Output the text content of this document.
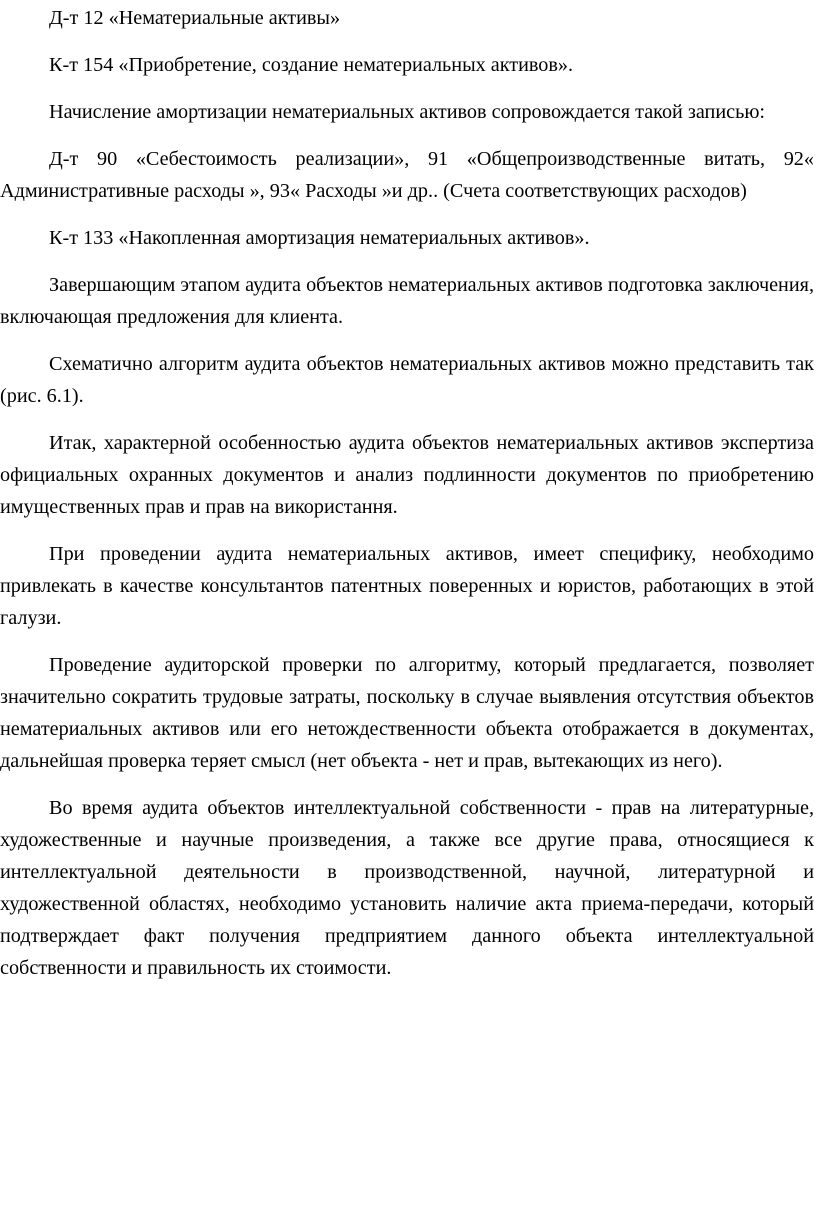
Д-т 12 «Нематериальные активы»

К-т 154 «Приобретение, создание нематериальных активов».

Начисление амортизации нематериальных активов сопровождается такой записью:

Д-т 90 «Себестоимость реализации», 91 «Общепроизводственные витать, 92« Административные расходы », 93« Расходы »и др.. (Счета соответствующих расходов)

К-т 133 «Накопленная амортизация нематериальных активов».

Завершающим этапом аудита объектов нематериальных активов подготовка заключения, включающая предложения для клиента.

Схематично алгоритм аудита объектов нематериальных активов можно представить так (рис. 6.1).

Итак, характерной особенностью аудита объектов нематериальных активов экспертиза официальных охранных документов и анализ подлинности документов по приобретению имущественных прав и прав на використання.

При проведении аудита нематериальных активов, имеет специфику, необходимо привлекать в качестве консультантов патентных поверенных и юристов, работающих в этой галузи.

Проведение аудиторской проверки по алгоритму, который предлагается, позволяет значительно сократить трудовые затраты, поскольку в случае выявления отсутствия объектов нематериальных активов или его нетождественности объекта отображается в документах, дальнейшая проверка теряет смысл (нет объекта - нет и прав, вытекающих из него).

Во время аудита объектов интеллектуальной собственности - прав на литературные, художественные и научные произведения, а также все другие права, относящиеся к интеллектуальной деятельности в производственной, научной, литературной и художественной областях, необходимо установить наличие акта приема-передачи, который подтверждает факт получения предприятием данного объекта интеллектуальной собственности и правильность их стоимости.
